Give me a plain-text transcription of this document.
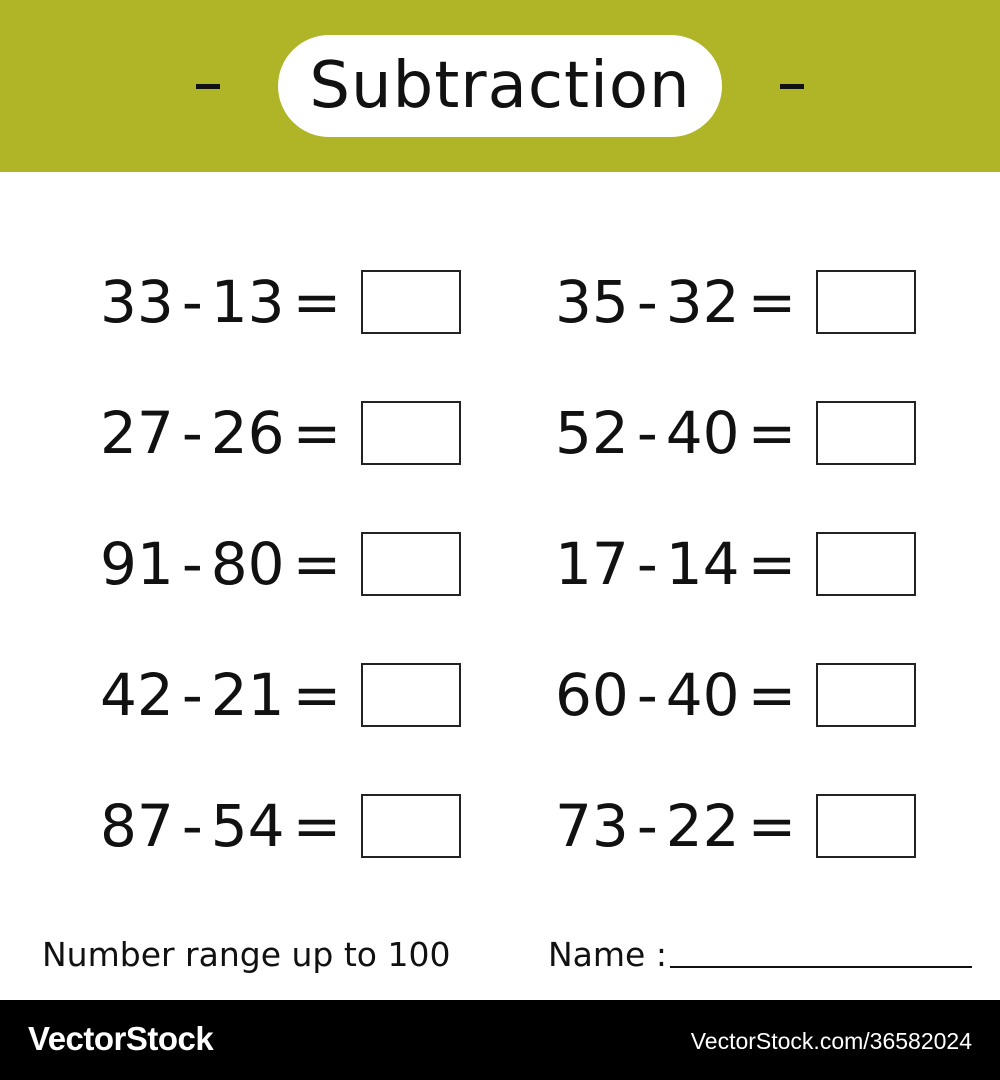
Subtraction
33 - 13 =	35 - 32 =
27 - 26 =	52 - 40 =
91 - 80 =	17 - 14 =
42 - 21 =	60 - 40 =
87 - 54 =	73 - 22 =
Number range up to 100	Name :
VectorStock	VectorStock.com/36582024
